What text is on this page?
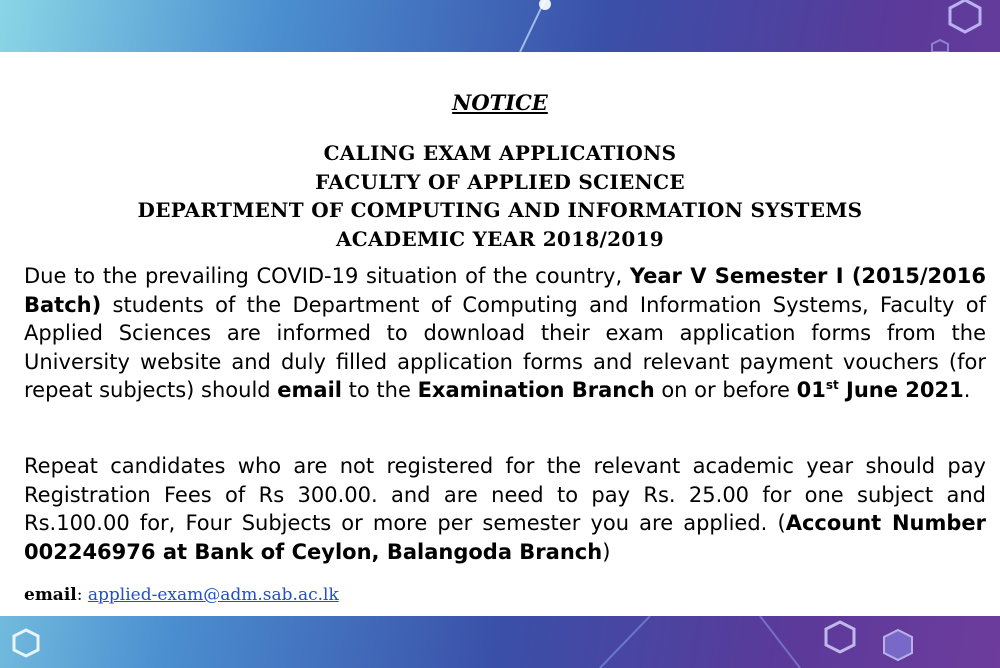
NOTICE
CALING EXAM APPLICATIONS
FACULTY OF APPLIED SCIENCE
DEPARTMENT OF COMPUTING AND INFORMATION SYSTEMS
ACADEMIC YEAR 2018/2019

Due to the prevailing COVID-19 situation of the country, Year V Semester I (2015/2016 Batch) students of the Department of Computing and Information Systems, Faculty of Applied Sciences are informed to download their exam application forms from the University website and duly filled application forms and relevant payment vouchers (for repeat subjects) should email to the Examination Branch on or before 01st June 2021.

Repeat candidates who are not registered for the relevant academic year should pay Registration Fees of Rs 300.00. and are need to pay Rs. 25.00 for one subject and Rs.100.00 for, Four Subjects or more per semester you are applied. (Account Number 002246976 at Bank of Ceylon, Balangoda Branch)

email: applied-exam@adm.sab.ac.lk
